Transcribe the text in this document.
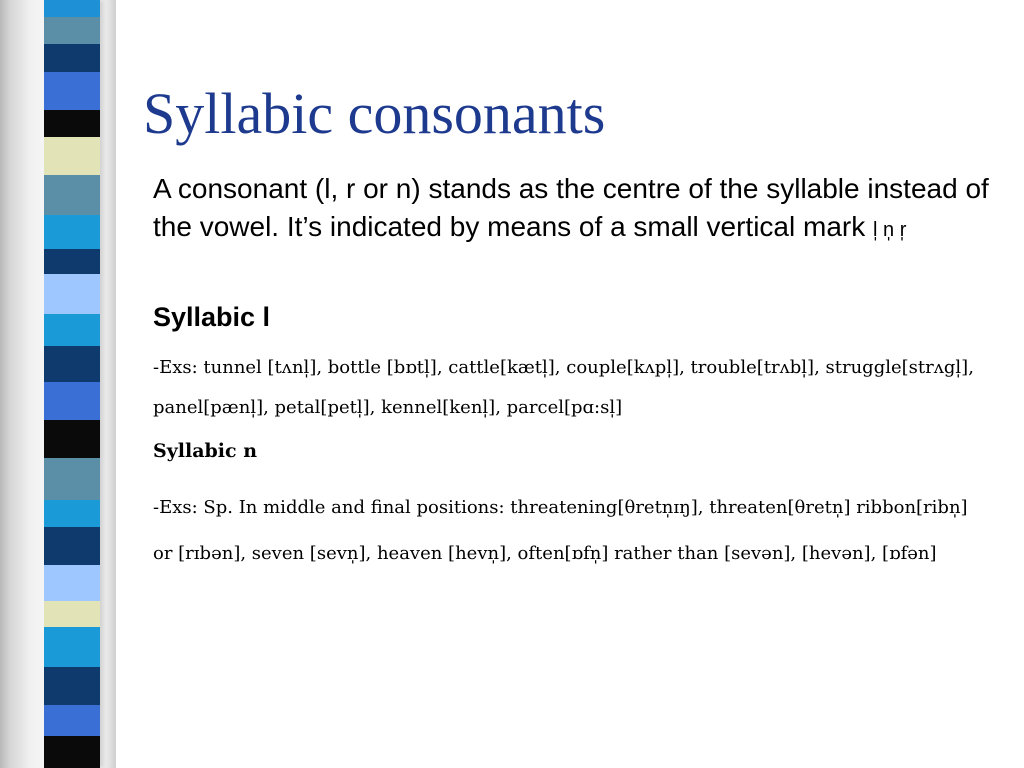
Syllabic consonants
A consonant (l, r or n) stands as the centre of the syllable instead of the vowel. It’s indicated by means of a small vertical mark l̩ n̩ r̩
Syllabic l
-Exs: tunnel [tʌnl̩], bottle [bɒtl̩], cattle[kætl̩], couple[kʌpl̩], trouble[trʌbl̩], struggle[strʌgl̩], panel[pænl̩], petal[petl̩], kennel[kenl̩], parcel[pɑ:sl̩]
Syllabic n
-Exs: Sp. In middle and final positions: threatening[θretn̩ɪŋ], threaten[θretn̩] ribbon[ribn̩] or [rɪbən], seven [sevn̩], heaven [hevn̩], often[ɒfn̩] rather than [sevən], [hevən], [ɒfən]
